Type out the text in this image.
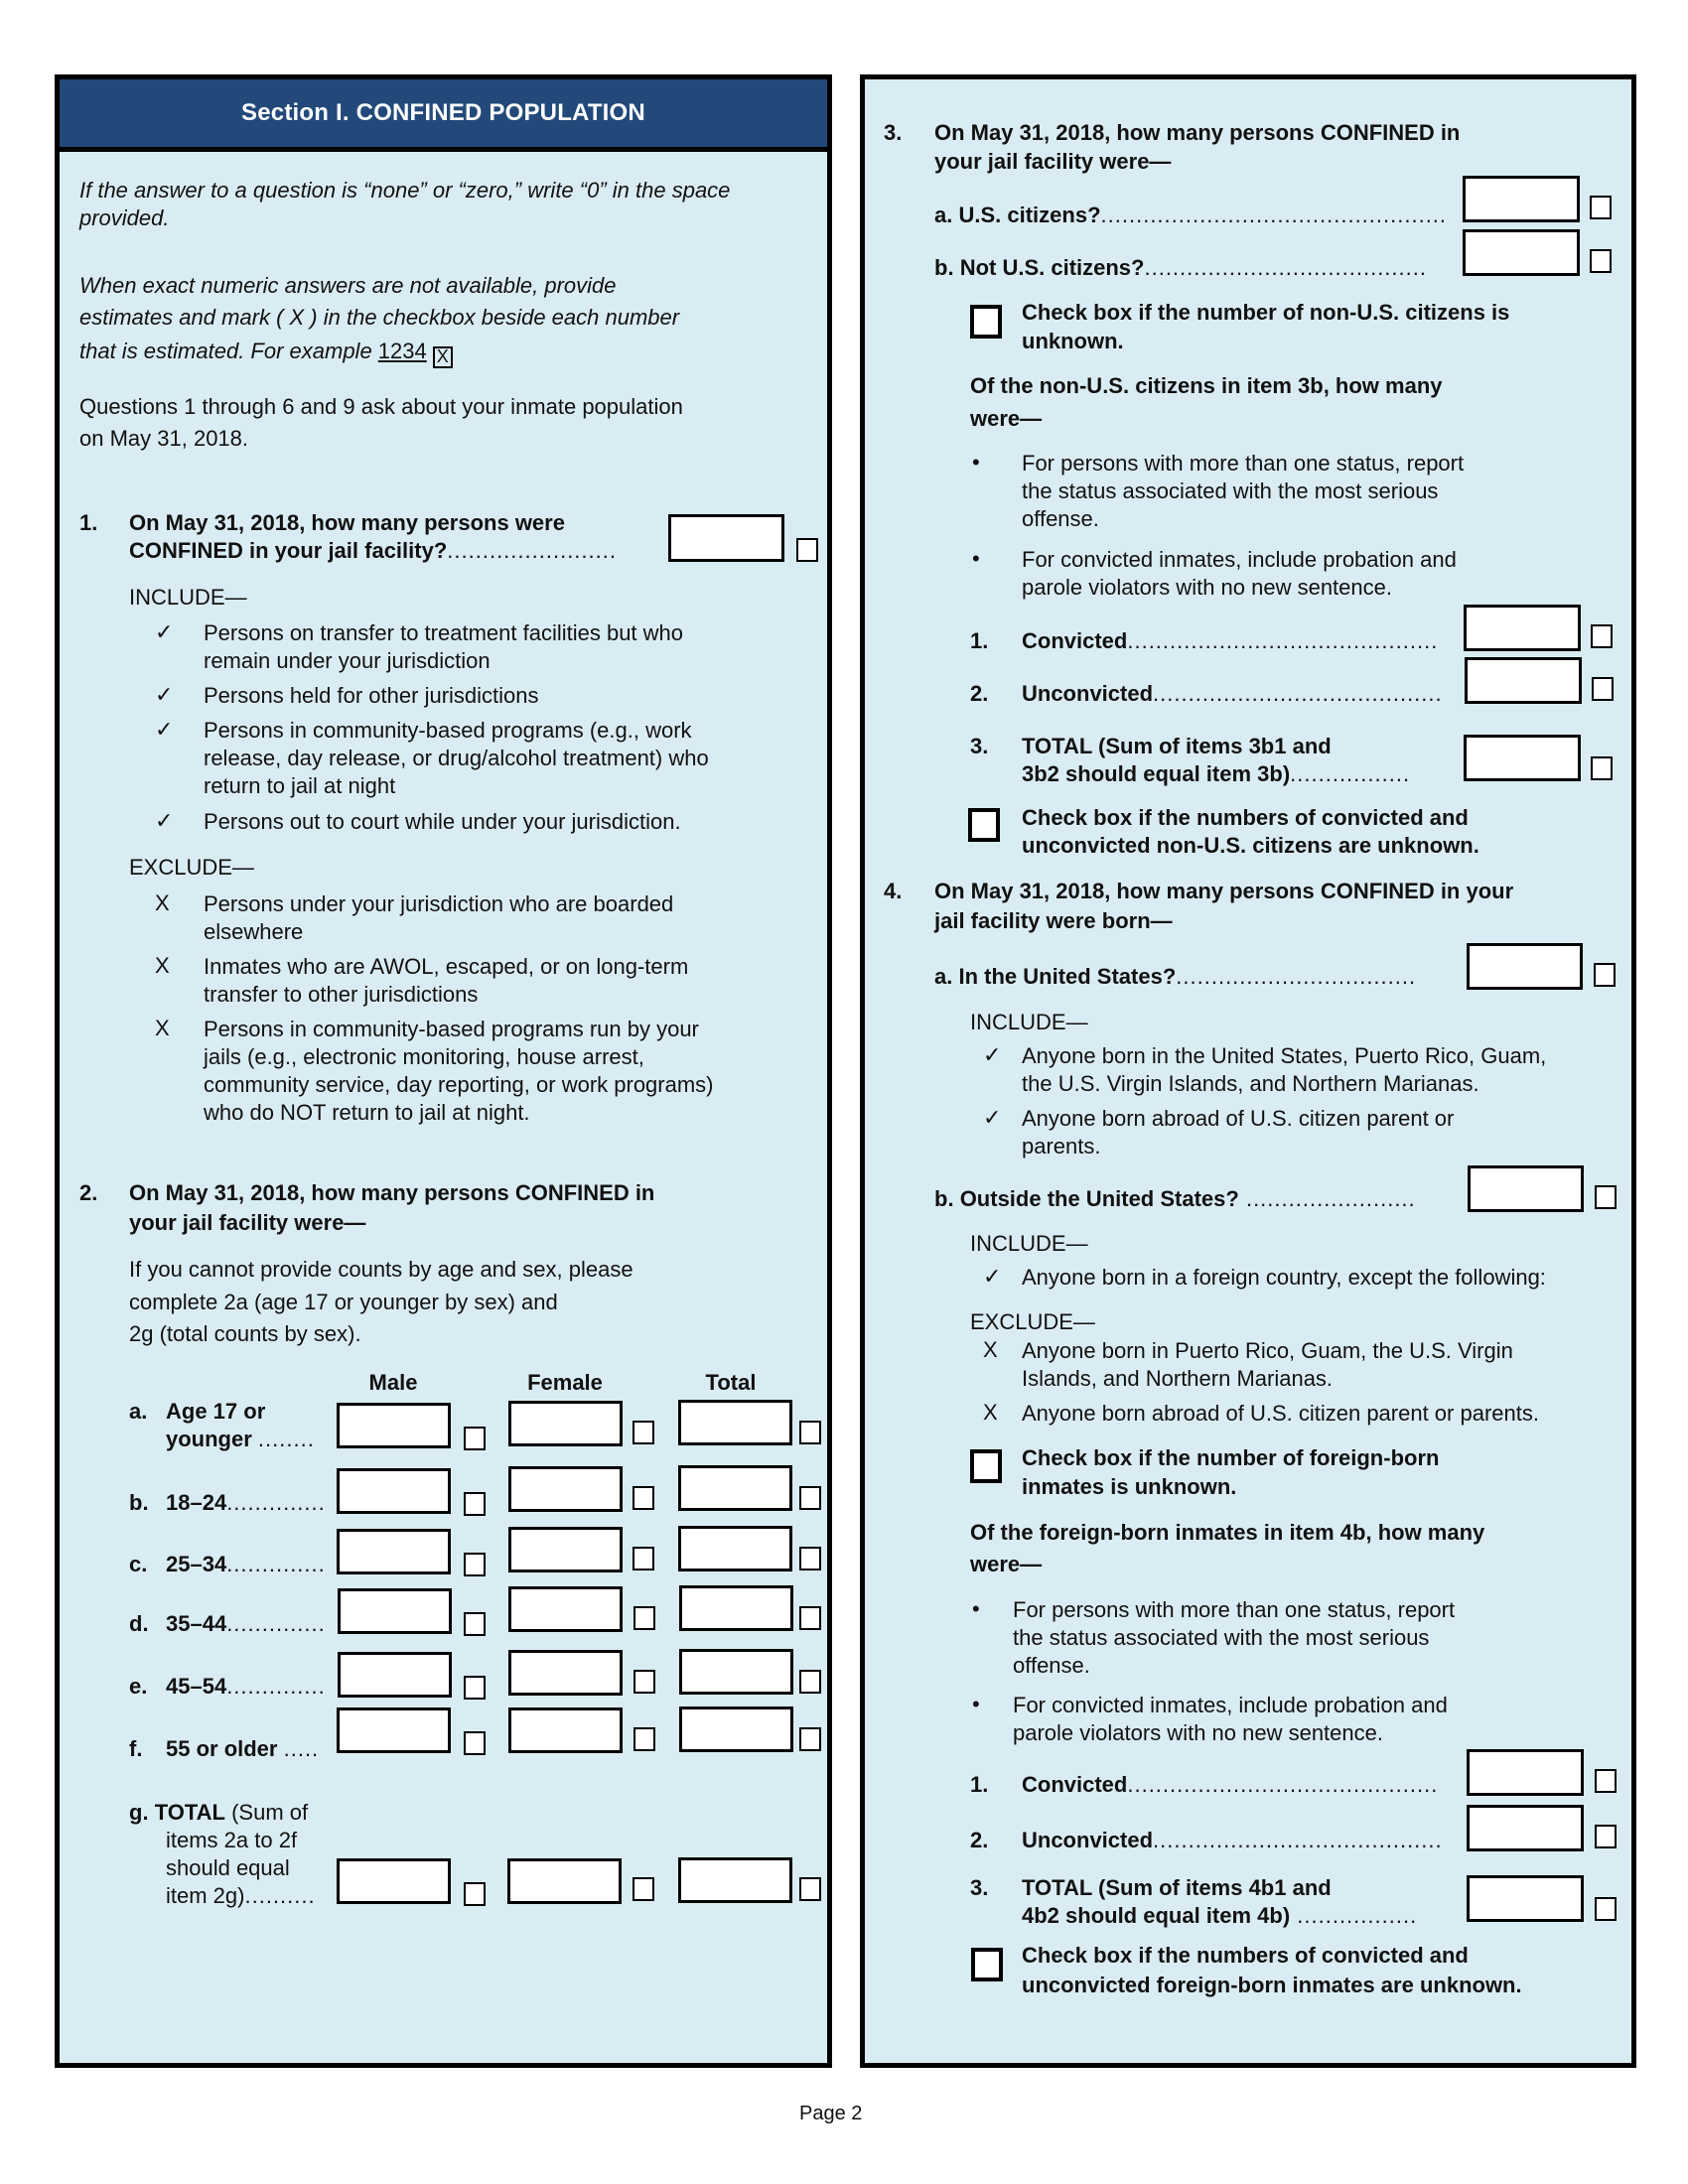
Section I. CONFINED POPULATION
If the answer to a question is “none” or “zero,” write “0” in the space provided.
When exact numeric answers are not available, provide
estimates and mark ( X ) in the checkbox beside each number
that is estimated. For example 1234 X
Questions 1 through 6 and 9 ask about your inmate population
on May 31, 2018.
1. On May 31, 2018, how many persons were
CONFINED in your jail facility?........................
INCLUDE—
✓ Persons on transfer to treatment facilities but who
remain under your jurisdiction
✓ Persons held for other jurisdictions
✓ Persons in community-based programs (e.g., work
release, day release, or drug/alcohol treatment) who
return to jail at night
✓ Persons out to court while under your jurisdiction.
EXCLUDE—
X Persons under your jurisdiction who are boarded
elsewhere
X Inmates who are AWOL, escaped, or on long-term
transfer to other jurisdictions
X Persons in community-based programs run by your
jails (e.g., electronic monitoring, house arrest,
community service, day reporting, or work programs)
who do NOT return to jail at night.
2. On May 31, 2018, how many persons CONFINED in
your jail facility were—
If you cannot provide counts by age and sex, please
complete 2a (age 17 or younger by sex) and
2g (total counts by sex).
Male	Female	Total
a. Age 17 or
younger ........
b. 18–24..............
c. 25–34..............
d. 35–44..............
e. 45–54..............
f. 55 or older .....
g. TOTAL (Sum of
items 2a to 2f
should equal
item 2g)..........
3. On May 31, 2018, how many persons CONFINED in
your jail facility were—
a. U.S. citizens?.................................................
b. Not U.S. citizens?........................................
Check box if the number of non-U.S. citizens is
unknown.
Of the non-U.S. citizens in item 3b, how many
were—
• For persons with more than one status, report
the status associated with the most serious
offense.
• For convicted inmates, include probation and
parole violators with no new sentence.
1. Convicted............................................
2. Unconvicted.........................................
3. TOTAL (Sum of items 3b1 and
3b2 should equal item 3b).................
Check box if the numbers of convicted and
unconvicted non-U.S. citizens are unknown.
4. On May 31, 2018, how many persons CONFINED in your
jail facility were born—
a. In the United States?..................................
INCLUDE—
✓ Anyone born in the United States, Puerto Rico, Guam,
the U.S. Virgin Islands, and Northern Marianas.
✓ Anyone born abroad of U.S. citizen parent or
parents.
b. Outside the United States? ........................
INCLUDE—
✓ Anyone born in a foreign country, except the following:
EXCLUDE—
X Anyone born in Puerto Rico, Guam, the U.S. Virgin
Islands, and Northern Marianas.
X Anyone born abroad of U.S. citizen parent or parents.
Check box if the number of foreign-born
inmates is unknown.
Of the foreign-born inmates in item 4b, how many
were—
• For persons with more than one status, report
the status associated with the most serious
offense.
• For convicted inmates, include probation and
parole violators with no new sentence.
1. Convicted............................................
2. Unconvicted.........................................
3. TOTAL (Sum of items 4b1 and
4b2 should equal item 4b) .................
Check box if the numbers of convicted and
unconvicted foreign-born inmates are unknown.
Page 2
